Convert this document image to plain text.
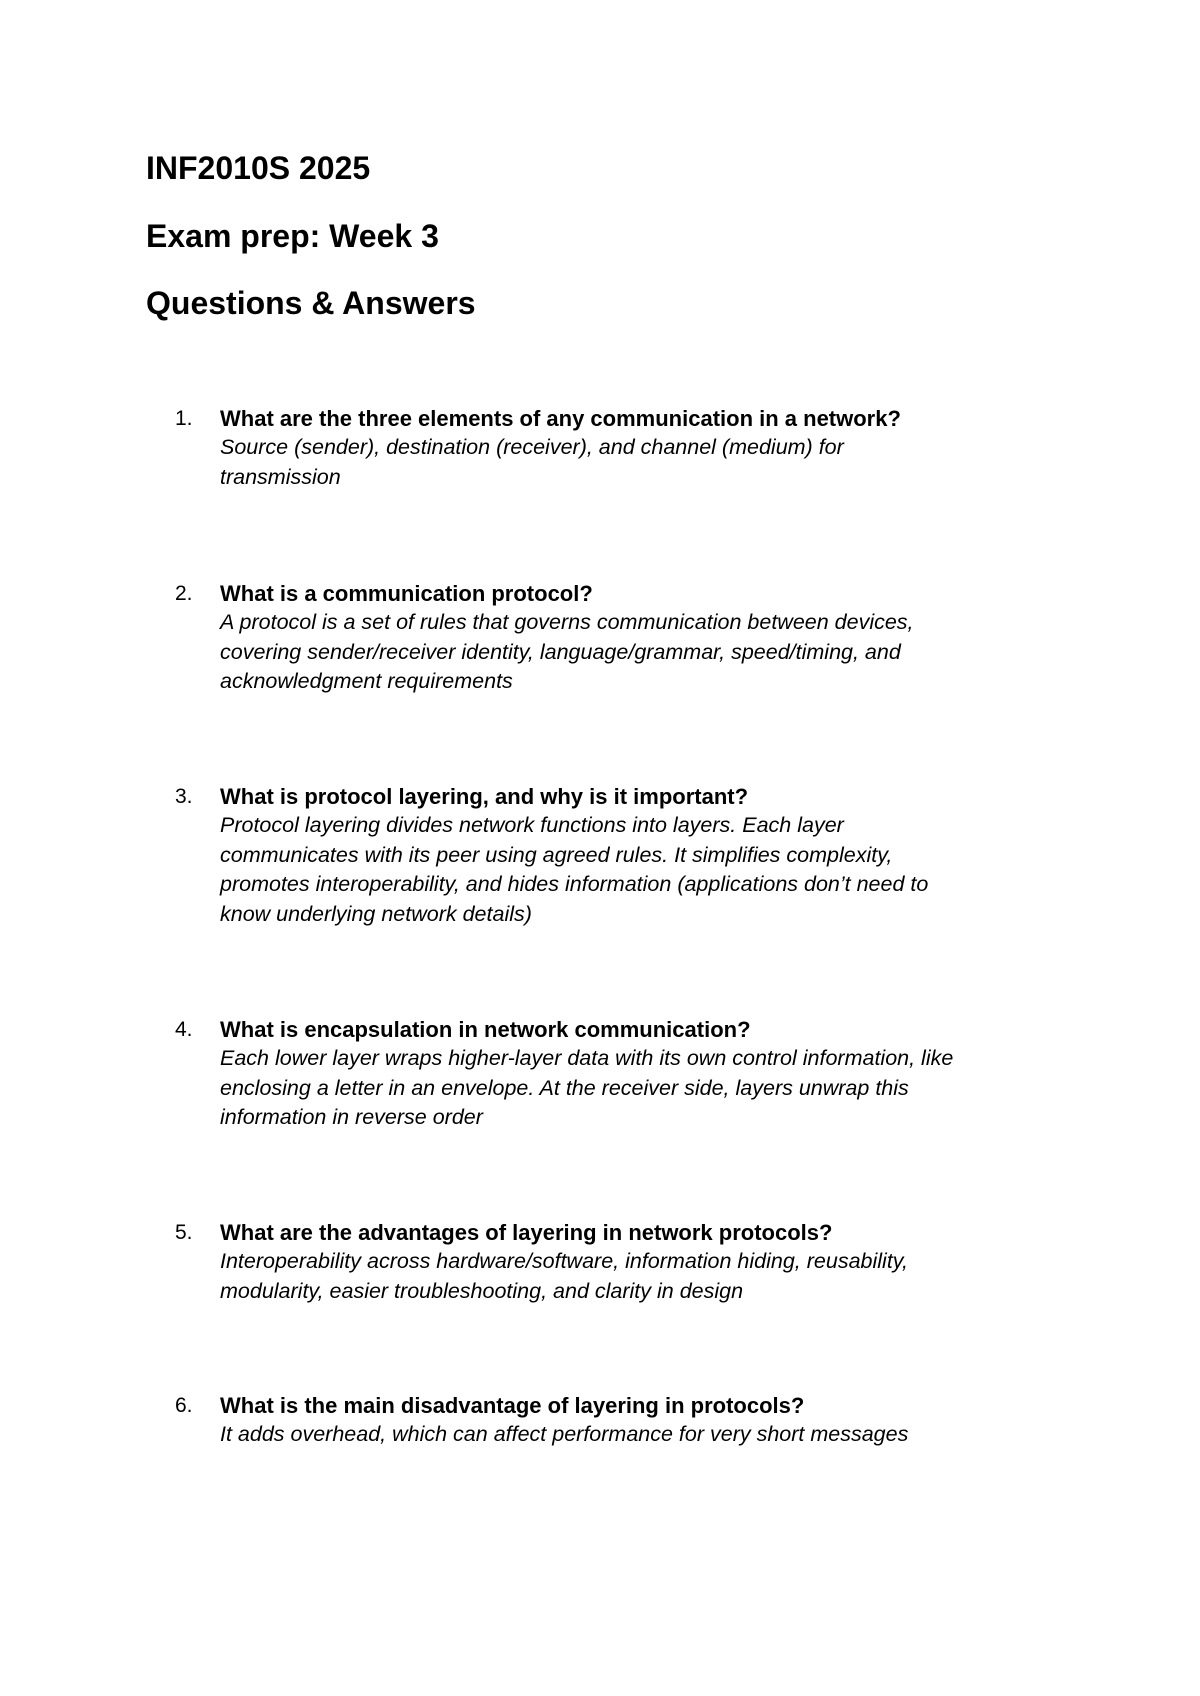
INF2010S 2025
Exam prep: Week 3
Questions & Answers
1.	What are the three elements of any communication in a network?

Source (sender), destination (receiver), and channel (medium) for
transmission

2.	What is a communication protocol?

A protocol is a set of rules that governs communication between devices,
covering sender/receiver identity, language/grammar, speed/timing, and
acknowledgment requirements

3.	What is protocol layering, and why is it important?

Protocol layering divides network functions into layers. Each layer
communicates with its peer using agreed rules. It simplifies complexity,
promotes interoperability, and hides information (applications don’t need to
know underlying network details)

4.	What is encapsulation in network communication?

Each lower layer wraps higher-layer data with its own control information, like
enclosing a letter in an envelope. At the receiver side, layers unwrap this
information in reverse order

5.	What are the advantages of layering in network protocols?

Interoperability across hardware/software, information hiding, reusability,
modularity, easier troubleshooting, and clarity in design

6.	What is the main disadvantage of layering in protocols?

It adds overhead, which can affect performance for very short messages
